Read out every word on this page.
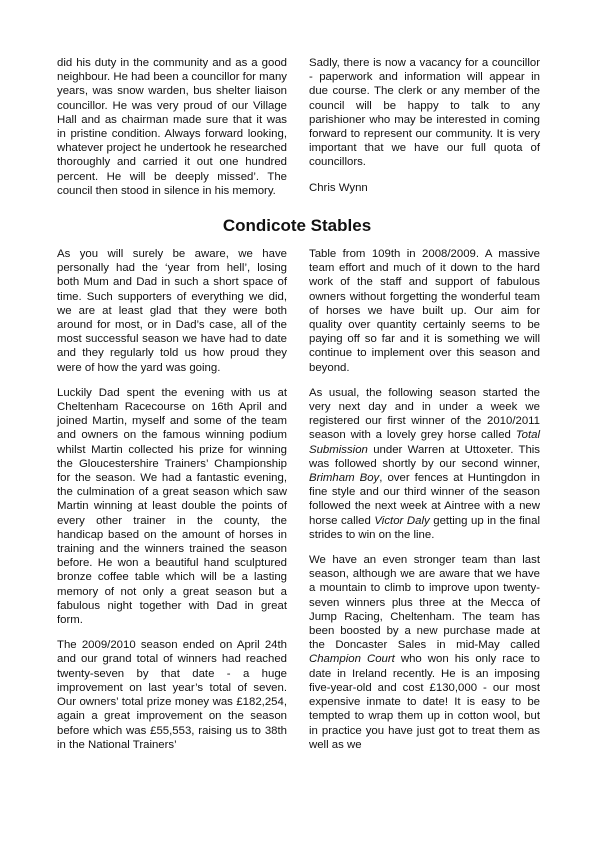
did his duty in the community and as a good neighbour. He had been a councillor for many years, was snow warden, bus shelter liaison councillor. He was very proud of our Village Hall and as chairman made sure that it was in pristine condition. Always forward looking, whatever project he undertook he researched thoroughly and carried it out one hundred percent. He will be deeply missed’. The council then stood in silence in his memory.

Sadly, there is now a vacancy for a councillor - paperwork and information will appear in due course. The clerk or any member of the council will be happy to talk to any parishioner who may be interested in coming forward to represent our community. It is very important that we have our full quota of councillors.

Chris Wynn

Condicote Stables

As you will surely be aware, we have personally had the ‘year from hell’, losing both Mum and Dad in such a short space of time. Such supporters of everything we did, we are at least glad that they were both around for most, or in Dad’s case, all of the most successful season we have had to date and they regularly told us how proud they were of how the yard was going.

Luckily Dad spent the evening with us at Cheltenham Racecourse on 16th April and joined Martin, myself and some of the team and owners on the famous winning podium whilst Martin collected his prize for winning the Gloucestershire Trainers’ Championship for the season. We had a fantastic evening, the culmination of a great season which saw Martin winning at least double the points of every other trainer in the county, the handicap based on the amount of horses in training and the winners trained the season before. He won a beautiful hand sculptured bronze coffee table which will be a lasting memory of not only a great season but a fabulous night together with Dad in great form.

The 2009/2010 season ended on April 24th and our grand total of winners had reached twenty-seven by that date - a huge improvement on last year’s total of seven. Our owners’ total prize money was £182,254, again a great improvement on the season before which was £55,553, raising us to 38th in the National Trainers’

Table from 109th in 2008/2009. A massive team effort and much of it down to the hard work of the staff and support of fabulous owners without forgetting the wonderful team of horses we have built up. Our aim for quality over quantity certainly seems to be paying off so far and it is something we will continue to implement over this season and beyond.

As usual, the following season started the very next day and in under a week we registered our first winner of the 2010/2011 season with a lovely grey horse called Total Submission under Warren at Uttoxeter. This was followed shortly by our second winner, Brimham Boy, over fences at Huntingdon in fine style and our third winner of the season followed the next week at Aintree with a new horse called Victor Daly getting up in the final strides to win on the line.

We have an even stronger team than last season, although we are aware that we have a mountain to climb to improve upon twenty-seven winners plus three at the Mecca of Jump Racing, Cheltenham. The team has been boosted by a new purchase made at the Doncaster Sales in mid-May called Champion Court who won his only race to date in Ireland recently. He is an imposing five-year-old and cost £130,000 - our most expensive inmate to date! It is easy to be tempted to wrap them up in cotton wool, but in practice you have just got to treat them as well as we
